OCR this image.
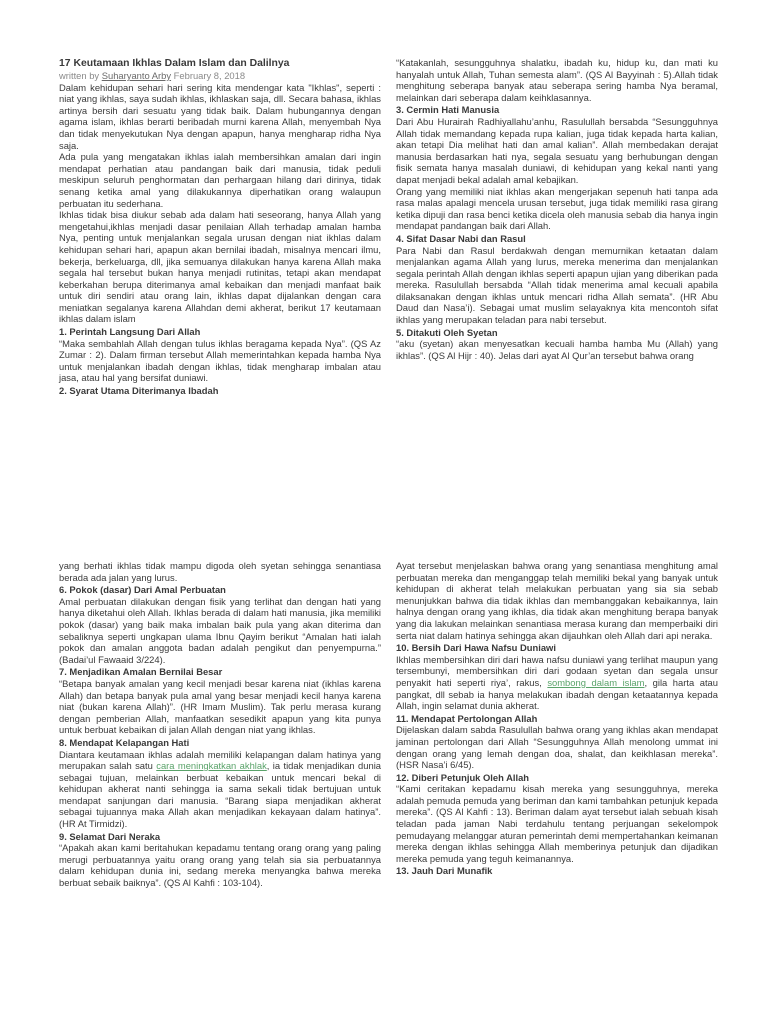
17 Keutamaan Ikhlas Dalam Islam dan Dalilnya

written by Suharyanto Arby February 8, 2018

Dalam kehidupan sehari hari sering kita mendengar kata "Ikhlas", seperti : niat yang ikhlas, saya sudah ikhlas, ikhlaskan saja, dll. Secara bahasa, ikhlas artinya bersih dari sesuatu yang tidak baik. Dalam hubungannya dengan agama islam, ikhlas berarti beribadah murni karena Allah, menyembah Nya dan tidak menyekutukan Nya dengan apapun, hanya mengharap ridha Nya saja.

Ada pula yang mengatakan ikhlas ialah membersihkan amalan dari ingin mendapat perhatian atau pandangan baik dari manusia, tidak peduli meskipun seluruh penghormatan dan perhargaan hilang dari dirinya, tidak senang ketika amal yang dilakukannya diperhatikan orang walaupun perbuatan itu sederhana.

Ikhlas tidak bisa diukur sebab ada dalam hati seseorang, hanya Allah yang mengetahui,ikhlas menjadi dasar penilaian Allah terhadap amalan hamba Nya, penting untuk menjalankan segala urusan dengan niat ikhlas dalam kehidupan sehari hari, apapun akan bernilai ibadah, misalnya mencari ilmu, bekerja, berkeluarga, dll, jika semuanya dilakukan hanya karena Allah maka segala hal tersebut bukan hanya menjadi rutinitas, tetapi akan mendapat keberkahan berupa diterimanya amal kebaikan dan menjadi manfaat baik untuk diri sendiri atau orang lain, ikhlas dapat dijalankan dengan cara meniatkan segalanya karena Allahdan demi akherat, berikut 17 keutamaan ikhlas dalam islam

1. Perintah Langsung Dari Allah

“Maka sembahlah Allah dengan tulus ikhlas beragama kepada Nya”. (QS Az Zumar : 2). Dalam firman tersebut Allah memerintahkan kepada hamba Nya untuk menjalankan ibadah dengan ikhlas, tidak mengharap imbalan atau jasa, atau hal yang bersifat duniawi.

2. Syarat Utama Diterimanya Ibadah

“Katakanlah, sesungguhnya shalatku, ibadah ku, hidup ku, dan mati ku hanyalah untuk Allah, Tuhan semesta alam”. (QS Al Bayyinah : 5).Allah tidak menghitung seberapa banyak atau seberapa sering hamba Nya beramal, melainkan dari seberapa dalam keihklasannya.

3. Cermin Hati Manusia

Dari Abu Hurairah Radhiyallahu’anhu, Rasulullah bersabda “Sesungguhnya Allah tidak memandang kepada rupa kalian, juga tidak kepada harta kalian, akan tetapi Dia melihat hati dan amal kalian”. Allah membedakan derajat manusia berdasarkan hati nya, segala sesuatu yang berhubungan dengan fisik semata hanya masalah duniawi, di kehidupan yang kekal nanti yang dapat menjadi bekal adalah amal kebajikan.

Orang yang memiliki niat ikhlas akan mengerjakan sepenuh hati tanpa ada rasa malas apalagi mencela urusan tersebut, juga tidak memiliki rasa girang ketika dipuji dan rasa benci ketika dicela oleh manusia sebab dia hanya ingin mendapat pandangan baik dari Allah.

4. Sifat Dasar Nabi dan Rasul

Para Nabi dan Rasul berdakwah dengan memurnikan ketaatan dalam menjalankan agama Allah yang lurus, mereka menerima dan menjalankan segala perintah Allah dengan ikhlas seperti apapun ujian yang diberikan pada mereka. Rasulullah bersabda “Allah tidak menerima amal kecuali apabila dilaksanakan dengan ikhlas untuk mencari ridha Allah semata”. (HR Abu Daud dan Nasa’i). Sebagai umat muslim selayaknya kita mencontoh sifat ikhlas yang merupakan teladan para nabi tersebut.

5. Ditakuti Oleh Syetan

“aku (syetan) akan menyesatkan kecuali hamba hamba Mu (Allah) yang ikhlas”. (QS Al Hijr : 40). Jelas dari ayat Al Qur’an tersebut bahwa orang

yang berhati ikhlas tidak mampu digoda oleh syetan sehingga senantiasa berada ada jalan yang lurus.

6. Pokok (dasar) Dari Amal Perbuatan

Amal perbuatan dilakukan dengan fisik yang terlihat dan dengan hati yang hanya diketahui oleh Allah. Ikhlas berada di dalam hati manusia, jika memiliki pokok (dasar) yang baik maka imbalan baik pula yang akan diterima dan sebaliknya seperti ungkapan ulama Ibnu Qayim berikut “Amalan hati ialah pokok dan amalan anggota badan adalah pengikut dan penyempurna.” (Badai’ul Fawaaid 3/224).

7. Menjadikan Amalan Bernilai Besar

“Betapa banyak amalan yang kecil menjadi besar karena niat (ikhlas karena Allah) dan betapa banyak pula amal yang besar menjadi kecil hanya karena niat (bukan karena Allah)”. (HR Imam Muslim). Tak perlu merasa kurang dengan pemberian Allah, manfaatkan sesedikit apapun yang kita punya untuk berbuat kebaikan di jalan Allah dengan niat yang ikhlas.

8. Mendapat Kelapangan Hati

Diantara keutamaan ikhlas adalah memiliki kelapangan dalam hatinya yang merupakan salah satu cara meningkatkan akhlak, ia tidak menjadikan dunia sebagai tujuan, melainkan berbuat kebaikan untuk mencari bekal di kehidupan akherat nanti sehingga ia sama sekali tidak bertujuan untuk mendapat sanjungan dari manusia. “Barang siapa menjadikan akherat sebagai tujuannya maka Allah akan menjadikan kekayaan dalam hatinya”. (HR At Tirmidzi).

9. Selamat Dari Neraka

“Apakah akan kami beritahukan kepadamu tentang orang orang yang paling merugi perbuatannya yaitu orang orang yang telah sia sia perbuatannya dalam kehidupan dunia ini, sedang mereka menyangka bahwa mereka berbuat sebaik baiknya”. (QS Al Kahfi : 103-104).

Ayat tersebut menjelaskan bahwa orang yang senantiasa menghitung amal perbuatan mereka dan menganggap telah memiliki bekal yang banyak untuk kehidupan di akherat telah melakukan perbuatan yang sia sia sebab menunjukkan bahwa dia tidak ikhlas dan membanggakan kebaikannya, lain halnya dengan orang yang ikhlas, dia tidak akan menghitung berapa banyak yang dia lakukan melainkan senantiasa merasa kurang dan memperbaiki diri serta niat dalam hatinya sehingga akan dijauhkan oleh Allah dari api neraka.

10. Bersih Dari Hawa Nafsu Duniawi

Ikhlas membersihkan diri dari hawa nafsu duniawi yang terlihat maupun yang tersembunyi, membersihkan diri dari godaan syetan dan segala unsur penyakit hati seperti riya’, rakus, sombong dalam islam, gila harta atau pangkat, dll sebab ia hanya melakukan ibadah dengan ketaatannya kepada Allah, ingin selamat dunia akherat.

11. Mendapat Pertolongan Allah

Dijelaskan dalam sabda Rasulullah bahwa orang yang ikhlas akan mendapat jaminan pertolongan dari Allah “Sesungguhnya Allah menolong ummat ini dengan orang yang lemah dengan doa, shalat, dan keikhlasan mereka”. (HSR Nasa’i 6/45).

12. Diberi Petunjuk Oleh Allah

“Kami ceritakan kepadamu kisah mereka yang sesungguhnya, mereka adalah pemuda pemuda yang beriman dan kami tambahkan petunjuk kepada mereka”. (QS Al Kahfi : 13). Beriman dalam ayat tersebut ialah sebuah kisah teladan pada jaman Nabi terdahulu tentang perjuangan sekelompok pemudayang melanggar aturan pemerintah demi mempertahankan keimanan mereka dengan ikhlas sehingga Allah memberinya petunjuk dan dijadikan mereka pemuda yang teguh keimanannya.

13. Jauh Dari Munafik
